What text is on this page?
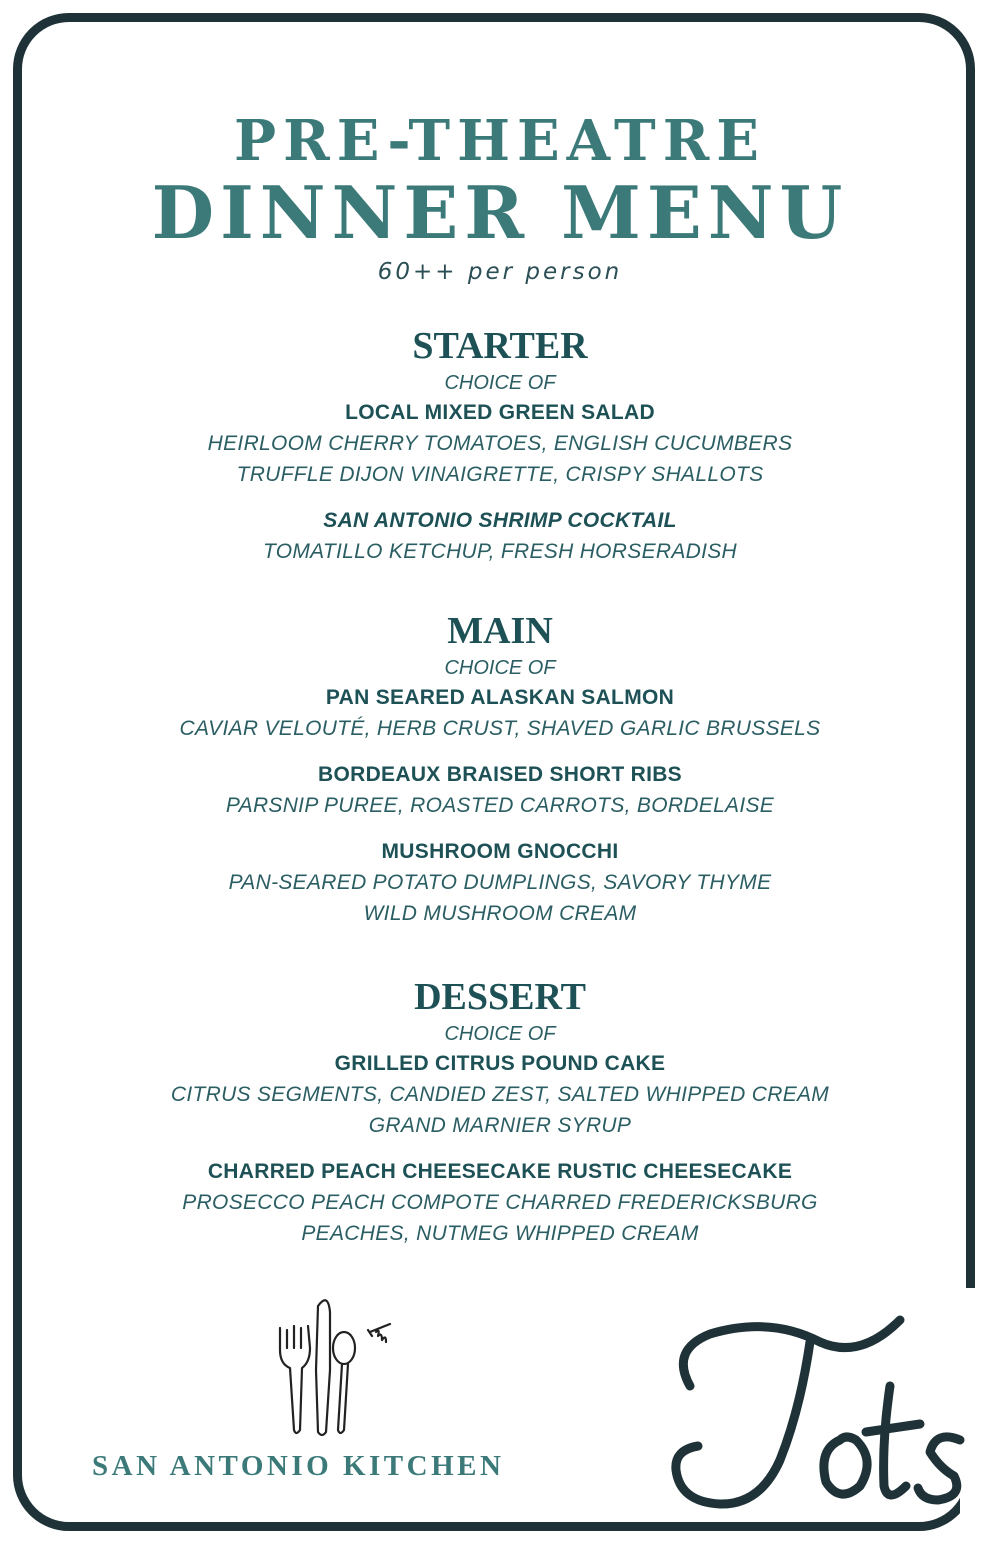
PRE-THEATRE
DINNER MENU
60++ per person
STARTER
CHOICE OF
LOCAL MIXED GREEN SALAD
HEIRLOOM CHERRY TOMATOES, ENGLISH CUCUMBERS
TRUFFLE DIJON VINAIGRETTE, CRISPY SHALLOTS
SAN ANTONIO SHRIMP COCKTAIL
TOMATILLO KETCHUP, FRESH HORSERADISH
MAIN
CHOICE OF
PAN SEARED ALASKAN SALMON
CAVIAR VELOUTÉ, HERB CRUST, SHAVED GARLIC BRUSSELS
BORDEAUX BRAISED SHORT RIBS
PARSNIP PUREE, ROASTED CARROTS, BORDELAISE
MUSHROOM GNOCCHI
PAN-SEARED POTATO DUMPLINGS, SAVORY THYME
WILD MUSHROOM CREAM
DESSERT
CHOICE OF
GRILLED CITRUS POUND CAKE
CITRUS SEGMENTS, CANDIED ZEST, SALTED WHIPPED CREAM
GRAND MARNIER SYRUP
CHARRED PEACH CHEESECAKE RUSTIC CHEESECAKE
PROSECCO PEACH COMPOTE CHARRED FREDERICKSBURG
PEACHES, NUTMEG WHIPPED CREAM
SAN ANTONIO KITCHEN
